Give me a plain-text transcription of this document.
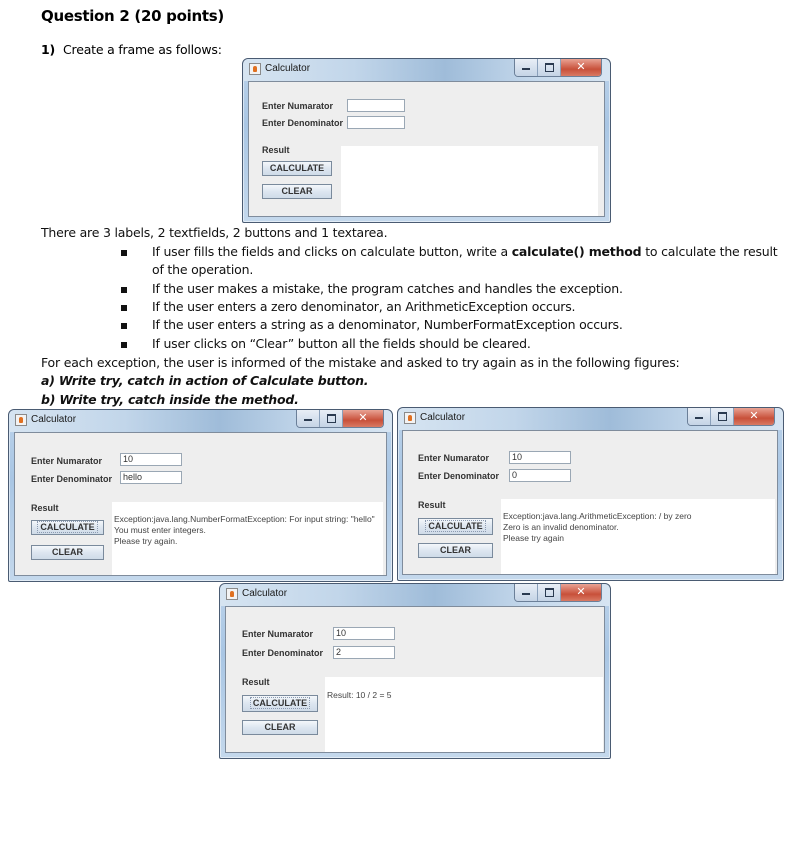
Question 2 (20 points)
1) Create a frame as follows:
There are 3 labels, 2 textfields, 2 buttons and 1 textarea.
If user fills the fields and clicks on calculate button, write a calculate() method to calculate the result
of the operation.
If the user makes a mistake, the program catches and handles the exception.
If the user enters a zero denominator, an ArithmeticException occurs.
If the user enters a string as a denominator, NumberFormatException occurs.
If user clicks on “Clear” button all the fields should be cleared.
For each exception, the user is informed of the mistake and asked to try again as in the following figures:
a) Write try, catch in action of Calculate button.
b) Write try, catch inside the method.
Calculator	✕
Enter Numarator
Enter Denominator
Result
CALCULATE
CLEAR
Calculator	✕
Enter Numarator	10
Enter Denominator	hello
Result
CALCULATE
CLEAR
Exception:java.lang.NumberFormatException: For input string: "hello"
You must enter integers.
Please try again.
Calculator	✕
Enter Numarator	10
Enter Denominator	0
Result
CALCULATE
CLEAR
Exception:java.lang.ArithmeticException: / by zero
Zero is an invalid denominator.
Please try again
Calculator	✕
Enter Numarator	10
Enter Denominator	2
Result
CALCULATE
CLEAR
Result: 10 / 2 = 5
